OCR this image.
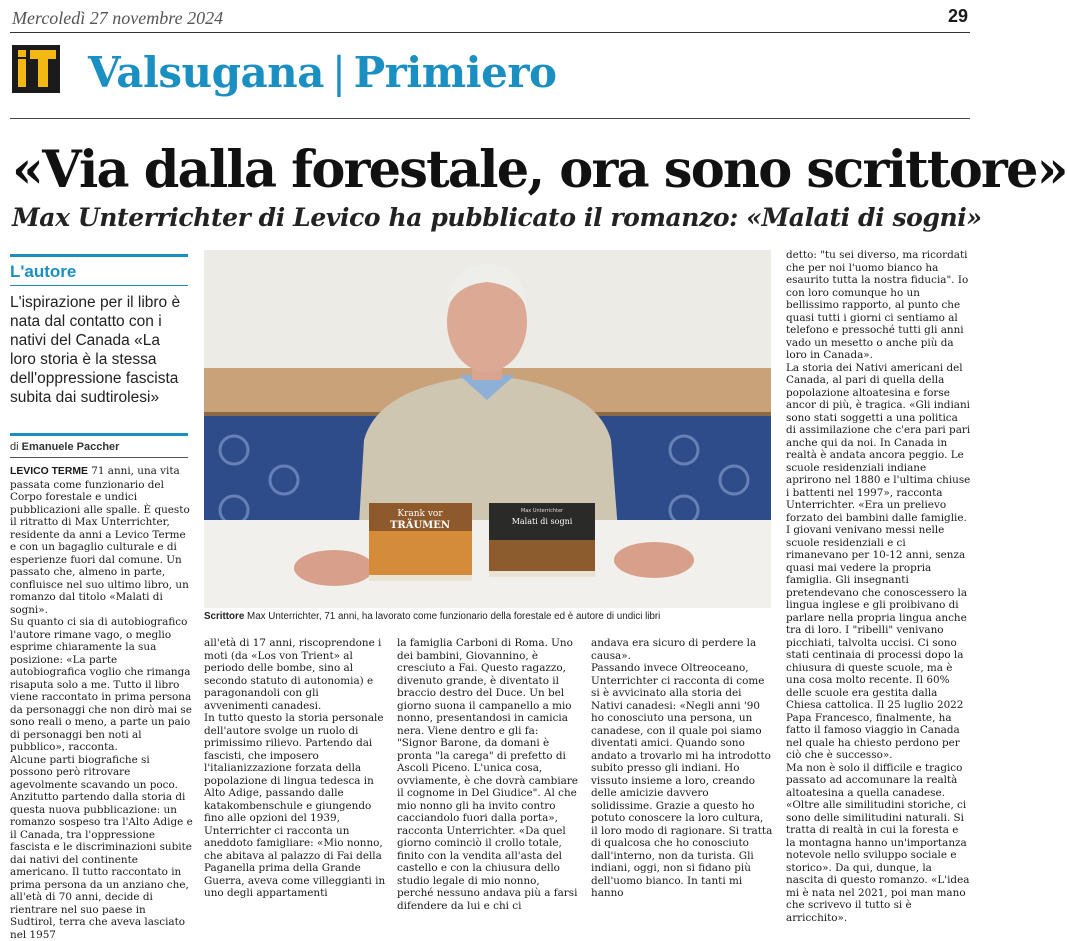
Mercoledì 27 novembre 2024	29
Valsugana | Primiero
«Via dalla forestale, ora sono scrittore»
Max Unterrichter di Levico ha pubblicato il romanzo: «Malati di sogni»
L'autore
L'ispirazione per il libro è nata dal contatto con i nativi del Canada «La loro storia è la stessa dell'oppressione fascista subita dai sudtirolesi»
di Emanuele Paccher

LEVICO TERME 71 anni, una vita passata come funzionario del Corpo forestale e undici pubblicazioni alle spalle. È questo il ritratto di Max Unterrichter, residente da anni a Levico Terme e con un bagaglio culturale e di esperienze fuori dal comune. Un passato che, almeno in parte, confluisce nel suo ultimo libro, un romanzo dal titolo «Malati di sogni».

Su quanto ci sia di autobiografico l'autore rimane vago, o meglio esprime chiaramente la sua posizione: «La parte autobiografica voglio che rimanga risaputa solo a me. Tutto il libro viene raccontato in prima persona da personaggi che non dirò mai se sono reali o meno, a parte un paio di personaggi ben noti al pubblico», racconta.

Alcune parti biografiche si possono però ritrovare agevolmente scavando un poco. Anzitutto partendo dalla storia di questa nuova pubblicazione: un romanzo sospeso tra l'Alto Adige e il Canada, tra l'oppressione fascista e le discriminazioni subite dai nativi del continente americano. Il tutto raccontato in prima persona da un anziano che, all'età di 70 anni, decide di rientrare nel suo paese in Sudtirol, terra che aveva lasciato nel 1957

all'età di 17 anni, riscoprendone i moti (da «Los von Trient» al periodo delle bombe, sino al secondo statuto di autonomia) e paragonandoli con gli avvenimenti canadesi.

In tutto questo la storia personale dell'autore svolge un ruolo di primissimo rilievo. Partendo dai fascisti, che imposero l'italianizzazione forzata della popolazione di lingua tedesca in Alto Adige, passando dalle katakombenschule e giungendo fino alle opzioni del 1939, Unterrichter ci racconta un aneddoto famigliare: «Mio nonno, che abitava al palazzo di Fai della Paganella prima della Grande Guerra, aveva come villeggianti in uno degli appartamenti

la famiglia Carboni di Roma. Uno dei bambini, Giovannino, è cresciuto a Fai. Questo ragazzo, divenuto grande, è diventato il braccio destro del Duce. Un bel giorno suona il campanello a mio nonno, presentandosi in camicia nera. Viene dentro e gli fa: "Signor Barone, da domani è pronta "la carega" di prefetto di Ascoli Piceno. L'unica cosa, ovviamente, è che dovrà cambiare il cognome in Del Giudice". Al che mio nonno gli ha invito contro cacciandolo fuori dalla porta», racconta Unterrichter. «Da quel giorno cominciò il crollo totale, finito con la vendita all'asta del castello e con la chiusura dello studio legale di mio nonno, perché nessuno andava più a farsi difendere da lui e chi ci

andava era sicuro di perdere la causa».

Passando invece Oltreoceano, Unterrichter ci racconta di come si è avvicinato alla storia dei Nativi canadesi: «Negli anni '90 ho conosciuto una persona, un canadese, con il quale poi siamo diventati amici. Quando sono andato a trovarlo mi ha introdotto subito presso gli indiani. Ho vissuto insieme a loro, creando delle amicizie davvero solidissime. Grazie a questo ho potuto conoscere la loro cultura, il loro modo di ragionare. Si tratta di qualcosa che ho conosciuto dall'interno, non da turista. Gli indiani, oggi, non si fidano più dell'uomo bianco. In tanti mi hanno

detto: "tu sei diverso, ma ricordati che per noi l'uomo bianco ha esaurito tutta la nostra fiducia". Io con loro comunque ho un bellissimo rapporto, al punto che quasi tutti i giorni ci sentiamo al telefono e pressoché tutti gli anni vado un mesetto o anche più da loro in Canada».

La storia dei Nativi americani del Canada, al pari di quella della popolazione altoatesina e forse ancor di più, è tragica. «Gli indiani sono stati soggetti a una politica di assimilazione che c'era pari pari anche qui da noi. In Canada in realtà è andata ancora peggio. Le scuole residenziali indiane aprirono nel 1880 e l'ultima chiuse i battenti nel 1997», racconta Unterrichter. «Era un prelievo forzato dei bambini dalle famiglie. I giovani venivano messi nelle scuole residenziali e ci rimanevano per 10-12 anni, senza quasi mai vedere la propria famiglia. Gli insegnanti pretendevano che conoscessero la lingua inglese e gli proibivano di parlare nella propria lingua anche tra di loro. I "ribelli" venivano picchiati, talvolta uccisi. Ci sono stati centinaia di processi dopo la chiusura di queste scuole, ma è una cosa molto recente. Il 60% delle scuole era gestita dalla Chiesa cattolica. Il 25 luglio 2022 Papa Francesco, finalmente, ha fatto il famoso viaggio in Canada nel quale ha chiesto perdono per ciò che è successo».

Ma non è solo il difficile e tragico passato ad accomunare la realtà altoatesina a quella canadese. «Oltre alle similitudini storiche, ci sono delle similitudini naturali. Si tratta di realtà in cui la foresta e la montagna hanno un'importanza notevole nello sviluppo sociale e storico». Da qui, dunque, la nascita di questo romanzo. «L'idea mi è nata nel 2021, poi man mano che scrivevo il tutto si è arricchito».

Krank vor
TRÄUMEN
Max Unterrichter
Malati di sogni
Scrittore Max Unterrichter, 71 anni, ha lavorato come funzionario della forestale ed è autore di undici libri
